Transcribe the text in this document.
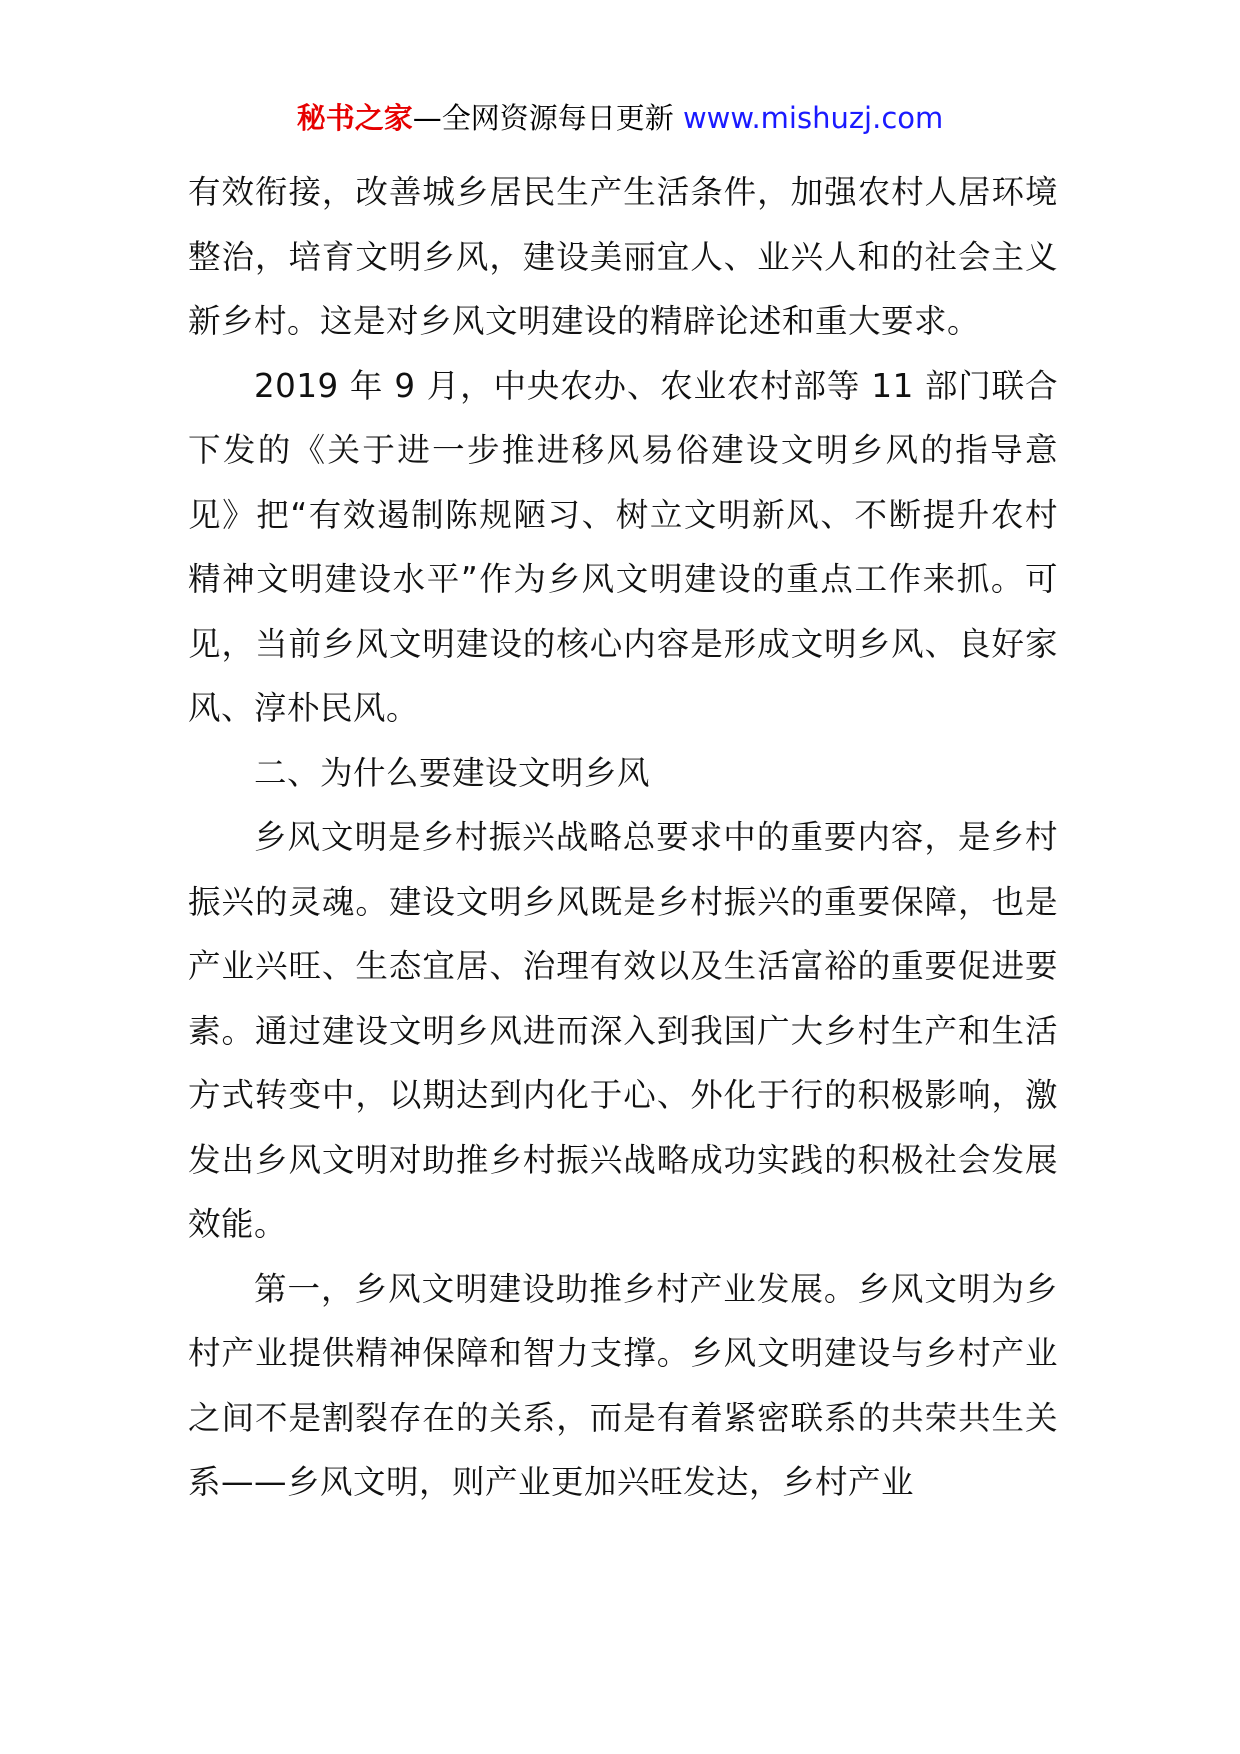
秘书之家—全网资源每日更新 www.mishuzj.com

有效衔接，改善城乡居民生产生活条件，加强农村人居环境整治，培育文明乡风，建设美丽宜人、业兴人和的社会主义新乡村。这是对乡风文明建设的精辟论述和重大要求。

2019 年 9 月，中央农办、农业农村部等 11 部门联合下发的《关于进一步推进移风易俗建设文明乡风的指导意见》把“有效遏制陈规陋习、树立文明新风、不断提升农村精神文明建设水平”作为乡风文明建设的重点工作来抓。可见，当前乡风文明建设的核心内容是形成文明乡风、良好家风、淳朴民风。

二、为什么要建设文明乡风

乡风文明是乡村振兴战略总要求中的重要内容，是乡村振兴的灵魂。建设文明乡风既是乡村振兴的重要保障，也是产业兴旺、生态宜居、治理有效以及生活富裕的重要促进要素。通过建设文明乡风进而深入到我国广大乡村生产和生活方式转变中，以期达到内化于心、外化于行的积极影响，激发出乡风文明对助推乡村振兴战略成功实践的积极社会发展效能。

第一，乡风文明建设助推乡村产业发展。乡风文明为乡村产业提供精神保障和智力支撑。乡风文明建设与乡村产业之间不是割裂存在的关系，而是有着紧密联系的共荣共生关系——乡风文明，则产业更加兴旺发达，乡村产业
